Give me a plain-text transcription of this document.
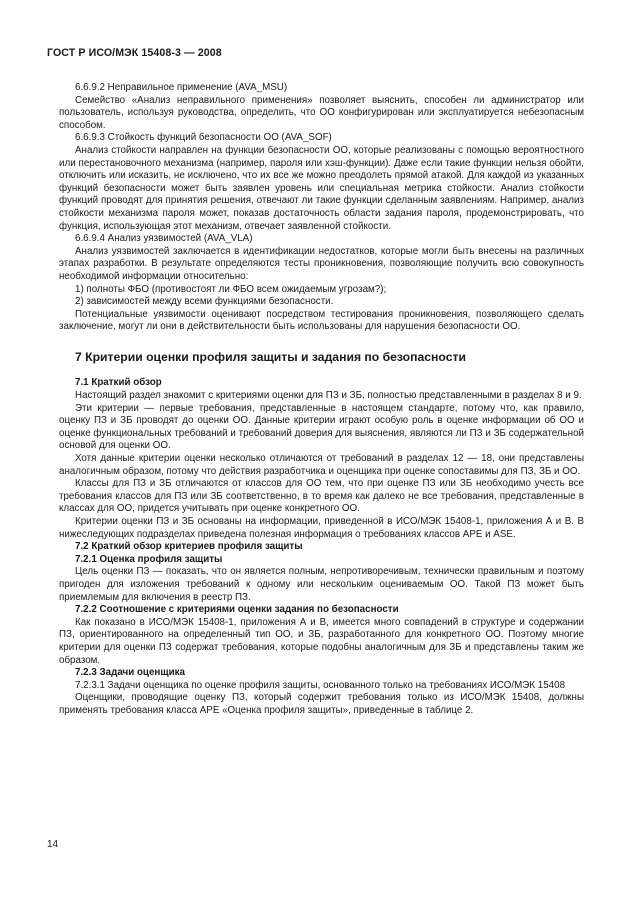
ГОСТ Р ИСО/МЭК 15408-3 — 2008

6.6.9.2 Неправильное применение (AVA_MSU)

Семейство «Анализ неправильного применения» позволяет выяснить, способен ли администратор или пользователь, используя руководства, определить, что ОО конфигурирован или эксплуатируется небезопасным способом.

6.6.9.3 Стойкость функций безопасности ОО (AVA_SOF)

Анализ стойкости направлен на функции безопасности ОО, которые реализованы с помощью вероятностного или перестановочного механизма (например, пароля или хэш-функции). Даже если такие функции нельзя обойти, отключить или исказить, не исключено, что их все же можно преодолеть прямой атакой. Для каждой из указанных функций безопасности может быть заявлен уровень или специальная метрика стойкости. Анализ стойкости функций проводят для принятия решения, отвечают ли такие функции сделанным заявлениям. Например, анализ стойкости механизма пароля может, показав достаточность области задания пароля, продемонстрировать, что функция, использующая этот механизм, отвечает заявленной стойкости.

6.6.9.4 Анализ уязвимостей (AVA_VLA)

Анализ уязвимостей заключается в идентификации недостатков, которые могли быть внесены на различных этапах разработки. В результате определяются тесты проникновения, позволяющие получить всю совокупность необходимой информации относительно:

1) полноты ФБО (противостоят ли ФБО всем ожидаемым угрозам?);

2) зависимостей между всеми функциями безопасности.

Потенциальные уязвимости оценивают посредством тестирования проникновения, позволяющего сделать заключение, могут ли они в действительности быть использованы для нарушения безопасности ОО.

7 Критерии оценки профиля защиты и задания по безопасности

7.1 Краткий обзор

Настоящий раздел знакомит с критериями оценки для ПЗ и ЗБ, полностью представленными в разделах 8 и 9.

Эти критерии — первые требования, представленные в настоящем стандарте, потому что, как правило, оценку ПЗ и ЗБ проводят до оценки ОО. Данные критерии играют особую роль в оценке информации об ОО и оценке функциональных требований и требований доверия для выяснения, являются ли ПЗ и ЗБ содержательной основой для оценки ОО.

Хотя данные критерии оценки несколько отличаются от требований в разделах 12 — 18, они представлены аналогичным образом, потому что действия разработчика и оценщика при оценке сопоставимы для ПЗ, ЗБ и ОО.

Классы для ПЗ и ЗБ отличаются от классов для ОО тем, что при оценке ПЗ или ЗБ необходимо учесть все требования классов для ПЗ или ЗБ соответственно, в то время как далеко не все требования, представленные в классах для ОО, придется учитывать при оценке конкретного ОО.

Критерии оценки ПЗ и ЗБ основаны на информации, приведенной в ИСО/МЭК 15408-1, приложения А и В. В нижеследующих подразделах приведена полезная информация о требованиях классов APE и ASE.

7.2 Краткий обзор критериев профиля защиты

7.2.1 Оценка профиля защиты

Цель оценки ПЗ — показать, что он является полным, непротиворечивым, технически правильным и поэтому пригоден для изложения требований к одному или нескольким оцениваемым ОО. Такой ПЗ может быть приемлемым для включения в реестр ПЗ.

7.2.2 Соотношение с критериями оценки задания по безопасности

Как показано в ИСО/МЭК 15408-1, приложения А и В, имеется много совпадений в структуре и содержании ПЗ, ориентированного на определенный тип ОО, и ЗБ, разработанного для конкретного ОО. Поэтому многие критерии для оценки ПЗ содержат требования, которые подобны аналогичным для ЗБ и представлены таким же образом.

7.2.3 Задачи оценщика

7.2.3.1 Задачи оценщика по оценке профиля защиты, основанного только на требованиях ИСО/МЭК 15408

Оценщики, проводящие оценку ПЗ, который содержит требования только из ИСО/МЭК 15408, должны применять требования класса APE «Оценка профиля защиты», приведенные в таблице 2.

14
